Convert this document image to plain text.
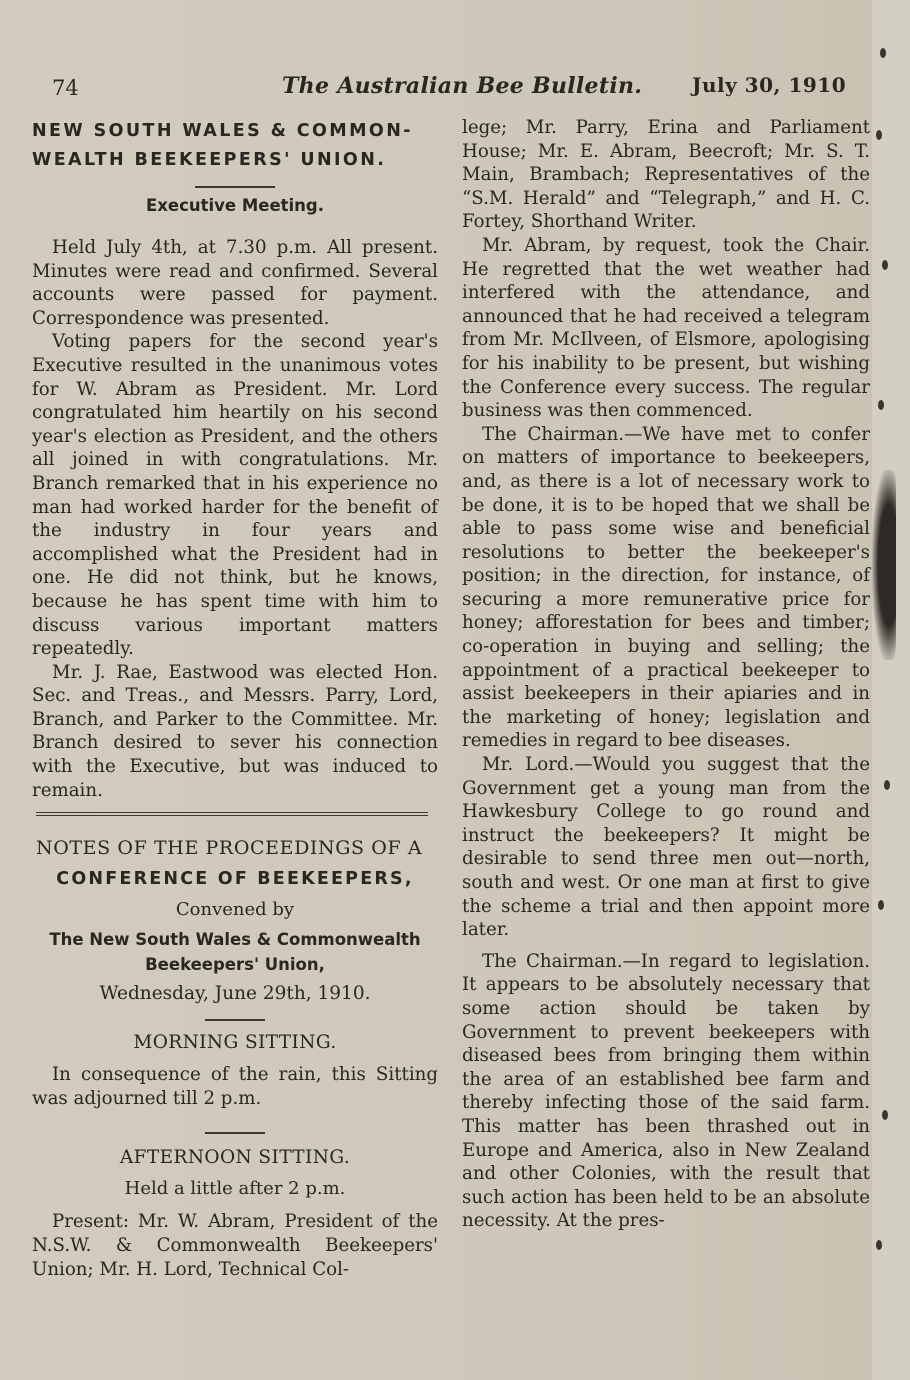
74	The Australian Bee Bulletin. July 30, 1910
NEW SOUTH WALES & COMMON-
WEALTH BEEKEEPERS' UNION.
Executive Meeting.

Held July 4th, at 7.30 p.m. All present. Minutes were read and confirmed. Several accounts were passed for payment. Correspondence was presented.

Voting papers for the second year's Executive resulted in the unanimous votes for W. Abram as President. Mr. Lord congratulated him heartily on his second year's election as President, and the others all joined in with congratulations. Mr. Branch remarked that in his experience no man had worked harder for the benefit of the industry in four years and accomplished what the President had in one. He did not think, but he knows, because he has spent time with him to discuss various important matters repeatedly.

Mr. J. Rae, Eastwood was elected Hon. Sec. and Treas., and Messrs. Parry, Lord, Branch, and Parker to the Committee. Mr. Branch desired to sever his connection with the Executive, but was induced to remain.

NOTES OF THE PROCEEDINGS OF A
CONFERENCE OF BEEKEEPERS,
Convened by
The New South Wales & Commonwealth
Beekeepers' Union,
Wednesday, June 29th, 1910.
MORNING SITTING.

In consequence of the rain, this Sitting was adjourned till 2 p.m.

AFTERNOON SITTING.
Held a little after 2 p.m.

Present: Mr. W. Abram, President of the N.S.W. & Commonwealth Beekeepers' Union; Mr. H. Lord, Technical Col-

lege; Mr. Parry, Erina and Parliament House; Mr. E. Abram, Beecroft; Mr. S. T. Main, Brambach; Representatives of the “S.M. Herald” and “Telegraph,” and H. C. Fortey, Shorthand Writer.

Mr. Abram, by request, took the Chair. He regretted that the wet weather had interfered with the attendance, and announced that he had received a telegram from Mr. McIlveen, of Elsmore, apologising for his inability to be present, but wishing the Conference every success. The regular business was then commenced.

The Chairman.—We have met to confer on matters of importance to beekeepers, and, as there is a lot of necessary work to be done, it is to be hoped that we shall be able to pass some wise and beneficial resolutions to better the beekeeper's position; in the direction, for instance, of securing a more remunerative price for honey; afforestation for bees and timber; co-operation in buying and selling; the appointment of a practical beekeeper to assist beekeepers in their apiaries and in the marketing of honey; legislation and remedies in regard to bee diseases.

Mr. Lord.—Would you suggest that the Government get a young man from the Hawkesbury College to go round and instruct the beekeepers? It might be desirable to send three men out—north, south and west. Or one man at first to give the scheme a trial and then appoint more later.

The Chairman.—In regard to legislation. It appears to be absolutely necessary that some action should be taken by Government to prevent beekeepers with diseased bees from bringing them within the area of an established bee farm and thereby infecting those of the said farm. This matter has been thrashed out in Europe and America, also in New Zealand and other Colonies, with the result that such action has been held to be an absolute necessity. At the pres-
